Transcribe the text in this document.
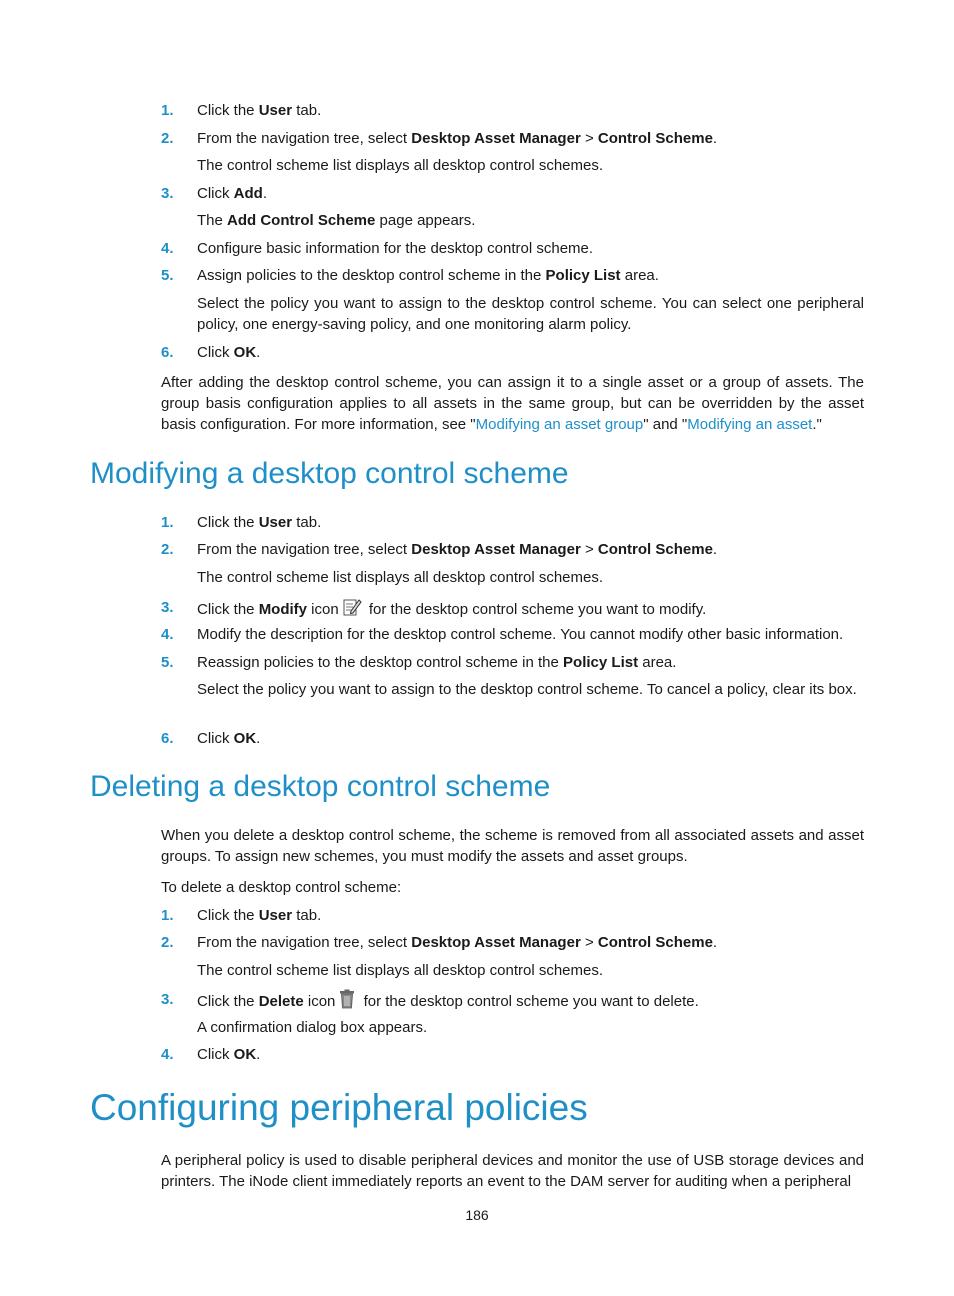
1. Click the User tab.
2. From the navigation tree, select Desktop Asset Manager > Control Scheme.
The control scheme list displays all desktop control schemes.
3. Click Add.
The Add Control Scheme page appears.
4. Configure basic information for the desktop control scheme.
5. Assign policies to the desktop control scheme in the Policy List area.
Select the policy you want to assign to the desktop control scheme. You can select one peripheral policy, one energy-saving policy, and one monitoring alarm policy.
6. Click OK.

After adding the desktop control scheme, you can assign it to a single asset or a group of assets. The group basis configuration applies to all assets in the same group, but can be overridden by the asset basis configuration. For more information, see "Modifying an asset group" and "Modifying an asset."

Modifying a desktop control scheme
1. Click the User tab.
2. From the navigation tree, select Desktop Asset Manager > Control Scheme.
The control scheme list displays all desktop control schemes.
3. Click the Modify icon for the desktop control scheme you want to modify.
4. Modify the description for the desktop control scheme. You cannot modify other basic information.
5. Reassign policies to the desktop control scheme in the Policy List area.
Select the policy you want to assign to the desktop control scheme. To cancel a policy, clear its box.
6. Click OK.
Deleting a desktop control scheme

When you delete a desktop control scheme, the scheme is removed from all associated assets and asset groups. To assign new schemes, you must modify the assets and asset groups.

To delete a desktop control scheme:
1. Click the User tab.
2. From the navigation tree, select Desktop Asset Manager > Control Scheme.
The control scheme list displays all desktop control schemes.
3. Click the Delete icon for the desktop control scheme you want to delete.
A confirmation dialog box appears.
4. Click OK.
Configuring peripheral policies

A peripheral policy is used to disable peripheral devices and monitor the use of USB storage devices and printers. The iNode client immediately reports an event to the DAM server for auditing when a peripheral

186
